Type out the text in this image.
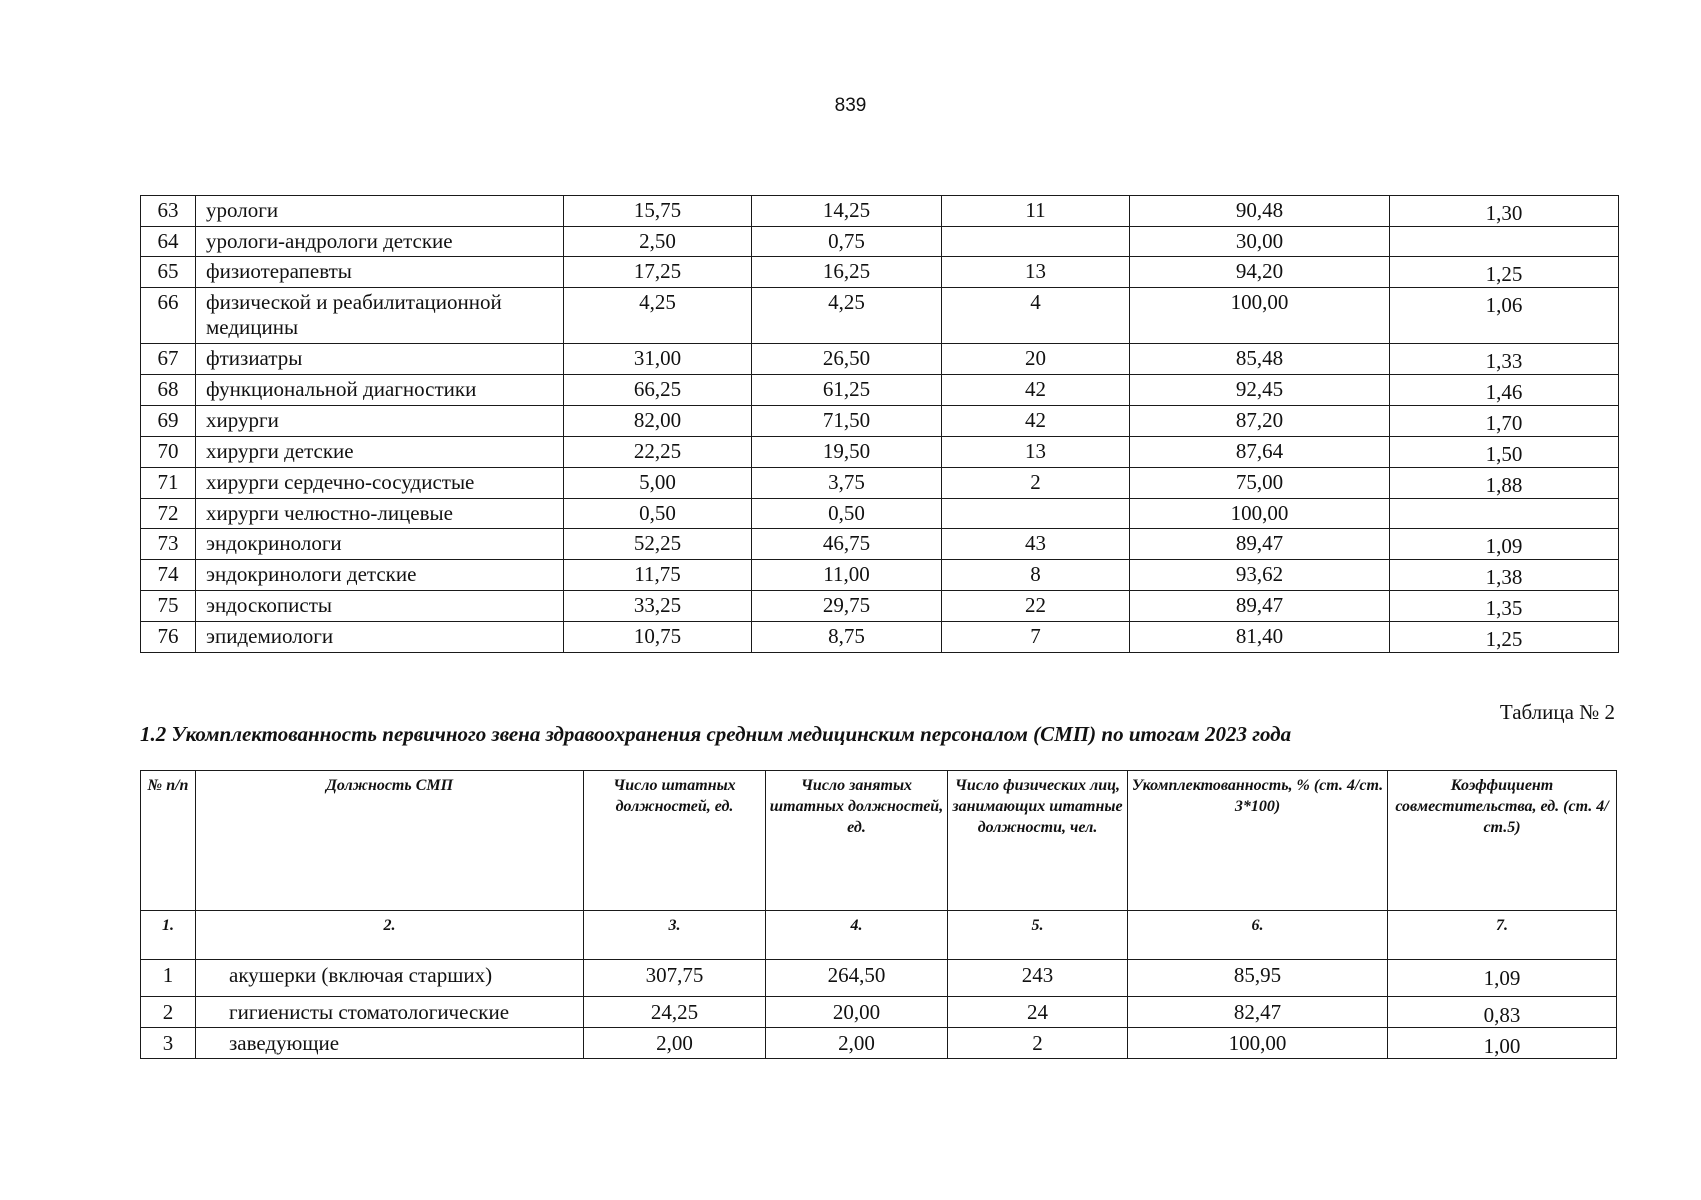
839
63	урологи	15,75	14,25	11	90,48	1,30
64	урологи-андрологи детские	2,50	0,75		30,00	
65	физиотерапевты	17,25	16,25	13	94,20	1,25
66	физической и реабилитационной медицины	4,25	4,25	4	100,00	1,06
67	фтизиатры	31,00	26,50	20	85,48	1,33
68	функциональной диагностики	66,25	61,25	42	92,45	1,46
69	хирурги	82,00	71,50	42	87,20	1,70
70	хирурги детские	22,25	19,50	13	87,64	1,50
71	хирурги сердечно-сосудистые	5,00	3,75	2	75,00	1,88
72	хирурги челюстно-лицевые	0,50	0,50		100,00	
73	эндокринологи	52,25	46,75	43	89,47	1,09
74	эндокринологи детские	11,75	11,00	8	93,62	1,38
75	эндоскописты	33,25	29,75	22	89,47	1,35
76	эпидемиологи	10,75	8,75	7	81,40	1,25
Таблица № 2
1.2 Укомплектованность первичного звена здравоохранения средним медицинским персоналом (СМП) по итогам 2023 года
№ п/п	Должность СМП	Число штатных должностей, ед.	Число занятых штатных должностей, ед.	Число физических лиц, занимающих штатные должности, чел.	Укомплектованность, % (ст. 4/ст. 3*100)	Коэффициент совместительства, ед. (ст. 4/ст.5)
1.	2.	3.	4.	5.	6.	7.
1	акушерки (включая старших)	307,75	264,50	243	85,95	1,09
2	гигиенисты стоматологические	24,25	20,00	24	82,47	0,83
3	заведующие	2,00	2,00	2	100,00	1,00
